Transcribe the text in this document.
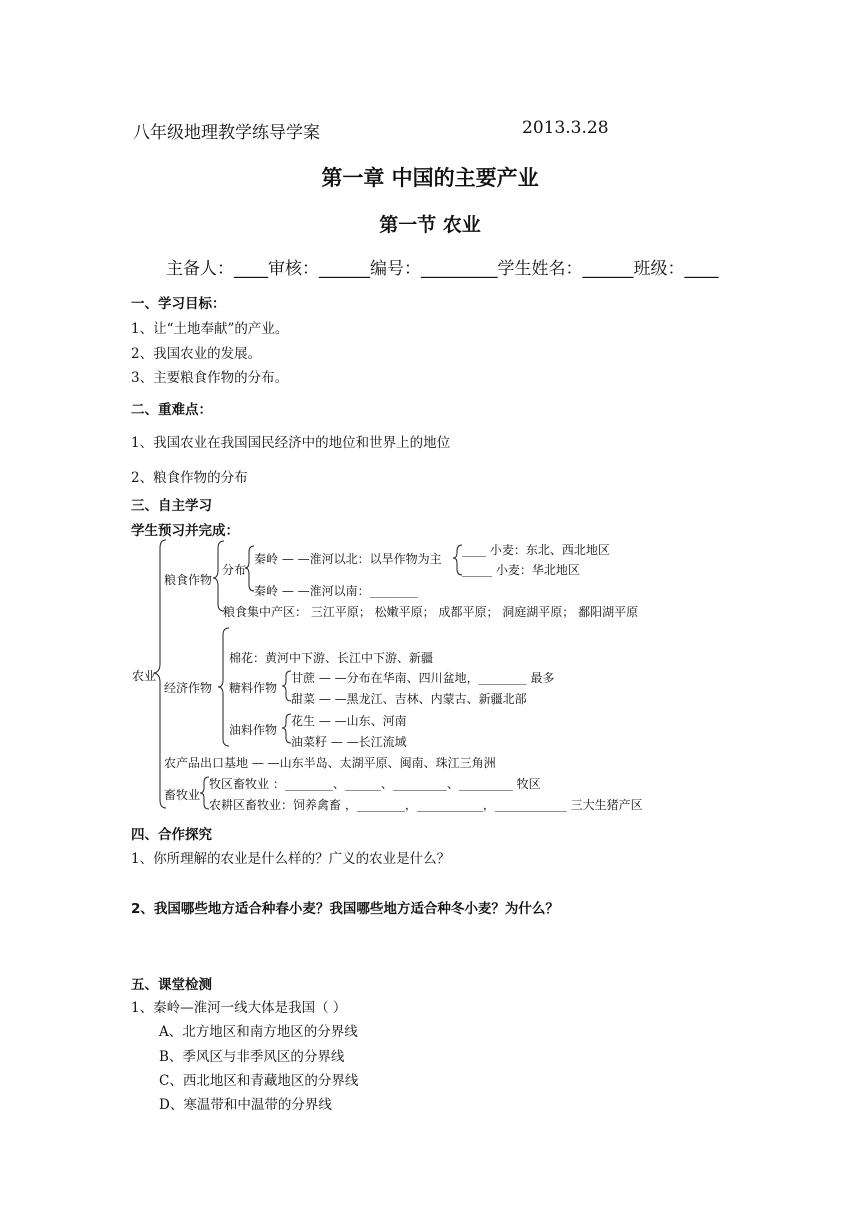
八年级地理教学练导学案	2013.3.28
第一章 中国的主要产业
第一节 农业
主备人：____审核：______编号：_________学生姓名：______班级：____
一、学习目标：
1、让“土地奉献”的产业。
2、我国农业的发展。
3、主要粮食作物的分布。
二、重难点：
1、我国农业在我国国民经济中的地位和世界上的地位
2、粮食作物的分布
三、自主学习
学生预习并完成：
农业
粮食作物
分布
秦岭 — —淮河以北：以旱作物为主
____ 小麦：东北、西北地区
_____ 小麦：华北地区
秦岭 — —淮河以南：________
粮食集中产区： 三江平原； 松嫩平原； 成都平原； 洞庭湖平原； 鄱阳湖平原
经济作物
棉花：黄河中下游、长江中下游、新疆
糖料作物
甘蔗 — —分布在华南、四川盆地，________ 最多
甜菜 — —黑龙江、吉林、内蒙古、新疆北部
油料作物
花生 — —山东、河南
油菜籽 — —长江流域
农产品出口基地 — —山东半岛、太湖平原、闽南、珠江三角洲
畜牧业
牧区畜牧业 ：________、______、_________、_________ 牧区
农耕区畜牧业：饲养禽畜 ，________，___________，____________ 三大生猪产区
四、合作探究
1、你所理解的农业是什么样的？广义的农业是什么？
2、我国哪些地方适合种春小麦？我国哪些地方适合种冬小麦？为什么？
五、课堂检测
1、秦岭—淮河一线大体是我国（ ）
A、北方地区和南方地区的分界线
B、季风区与非季风区的分界线
C、西北地区和青藏地区的分界线
D、寒温带和中温带的分界线
